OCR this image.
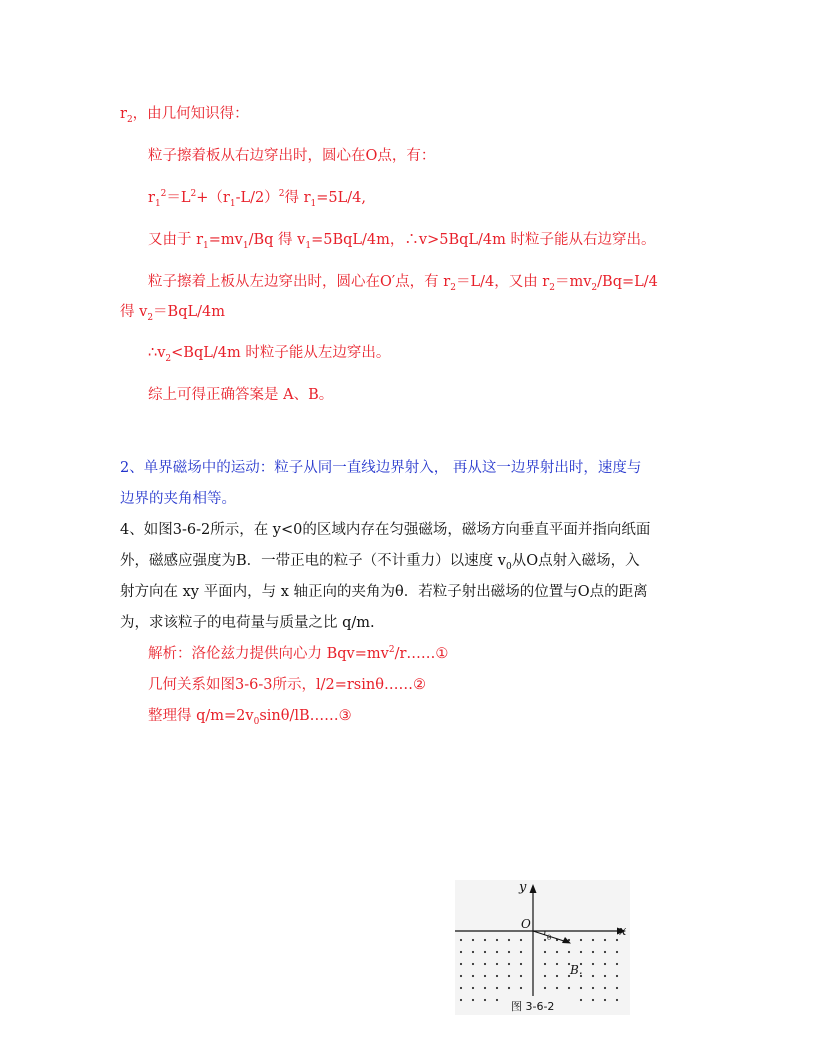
$r_2$，由几何知识得：
粒子擦着板从右边穿出时，圆心在O点，有：
$r_1^2=L^2+(r_1-L/2)^2$得 $r_1=5L/4$,
又由于 $r_1=mv_1/Bq$ 得 $v_1=5BqL/4m$，∴v>5BqL/4m 时粒子能从右边穿出。
粒子擦着上板从左边穿出时，圆心在O′点，有 $r_2=L/4$，又由 $r_2=mv_2/Bq=L/4$
得 $v_2=BqL/4m$
$\therefore v_2<BqL/4m$ 时粒子能从左边穿出。
综上可得正确答案是 A、B。
2、单界磁场中的运动：粒子从同一直线边界射入， 再从这一边界射出时，速度与
边界的夹角相等。
4、如图3-6-2所示，在 y<0的区域内存在匀强磁场，磁场方向垂直平面并指向纸面
外，磁感应强度为B．一带正电的粒子（不计重力）以速度 $v_0$从O点射入磁场，入
射方向在 xy 平面内，与 x 轴正向的夹角为θ．若粒子射出磁场的位置与O点的距离
为，求该粒子的电荷量与质量之比 q/m.
解析：洛伦兹力提供向心力 $Bqv=mv^2/r\dots\dots ①$
几何关系如图3-6-3所示，l/2=rsinθ……②
整理得 $q/m=2v_0\sin\theta/lB\dots\dots ③$
O
y
x
θ
B.
图 3-6-2
